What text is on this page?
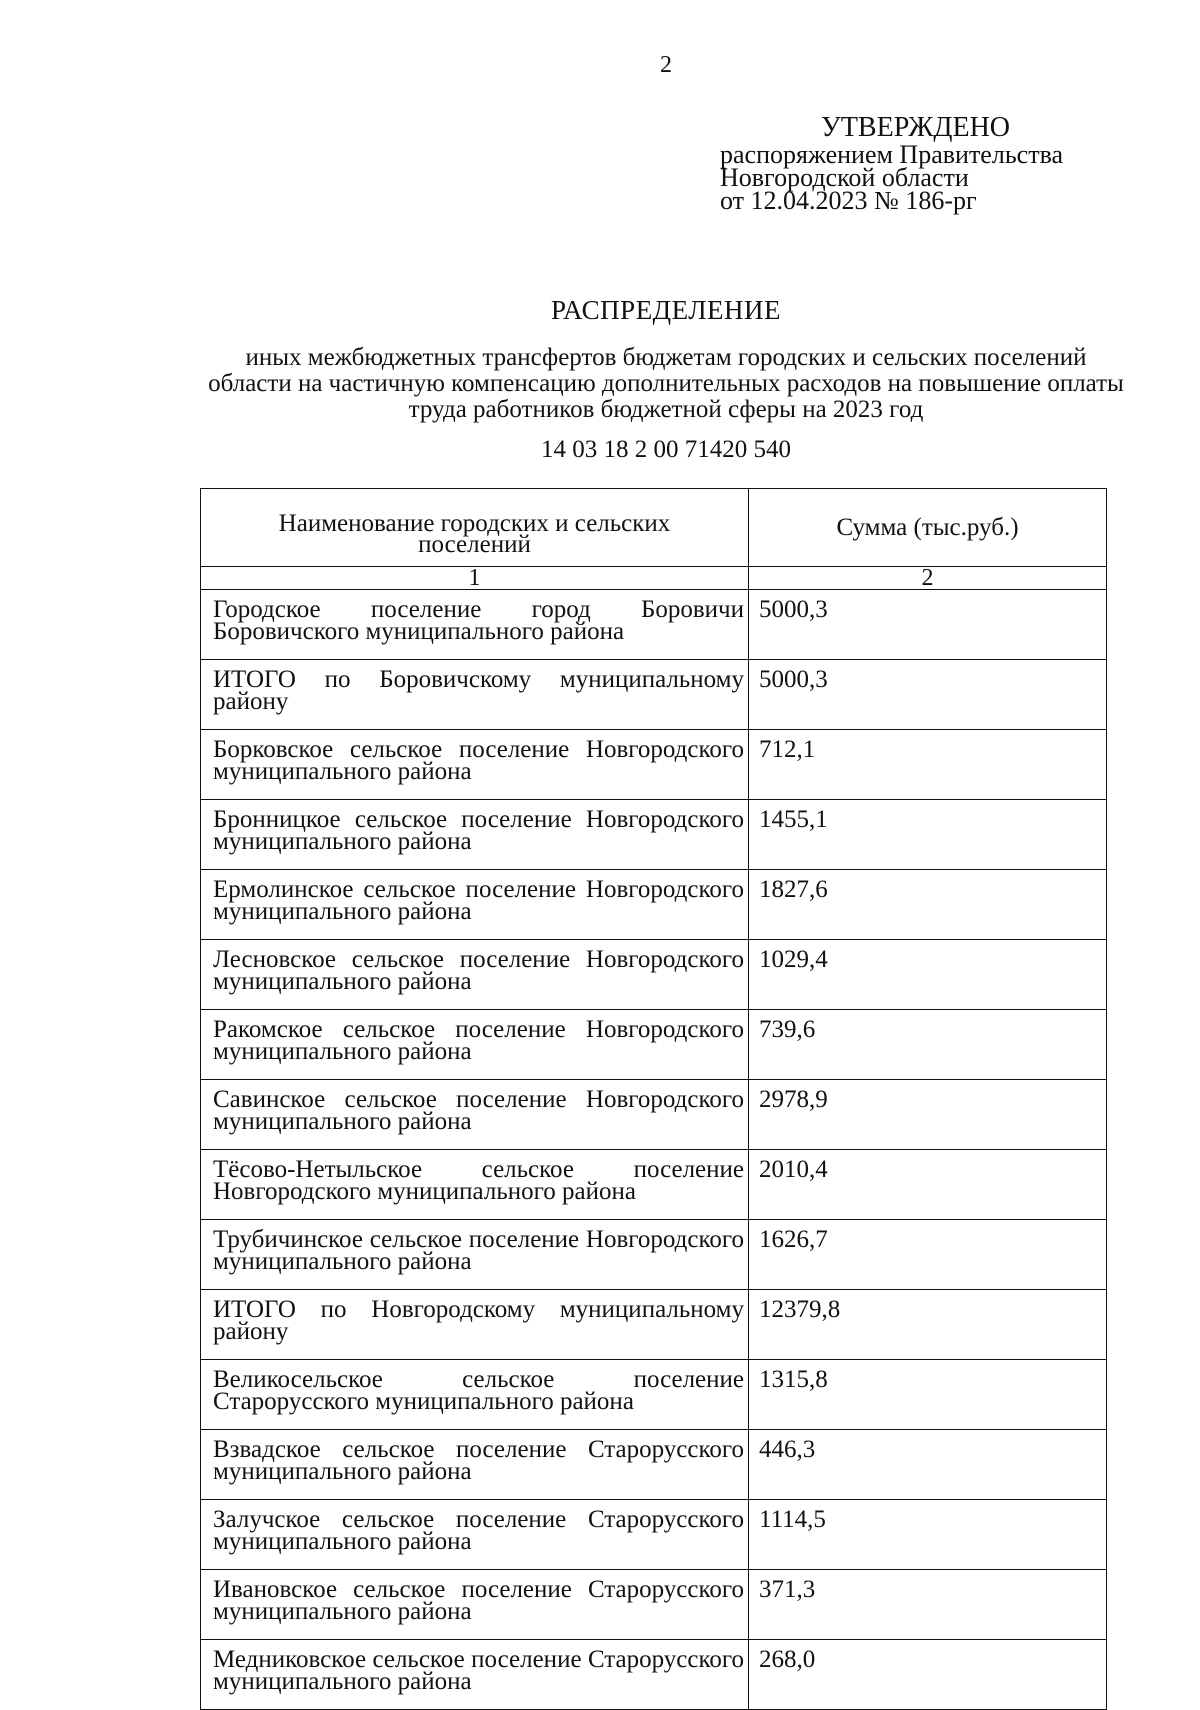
2
УТВЕРЖДЕНО
распоряжением Правительства
Новгородской области
от 12.04.2023 № 186-рг
РАСПРЕДЕЛЕНИЕ
иных межбюджетных трансфертов бюджетам городских и сельских поселений области на частичную компенсацию дополнительных расходов на повышение оплаты труда работников бюджетной сферы на 2023 год
14 03 18 2 00 71420 540
Наименование городских и сельских поселений	Сумма (тыс.руб.)
1	2
Городское поселение город Боровичи Боровичского муниципального района	5000,3
ИТОГО по Боровичскому муниципальному району	5000,3
Борковское сельское поселение Новгородского муниципального района	712,1
Бронницкое сельское поселение Новгородского муниципального района	1455,1
Ермолинское сельское поселение Новгородского муниципального района	1827,6
Лесновское сельское поселение Новгородского муниципального района	1029,4
Ракомское сельское поселение Новгородского муниципального района	739,6
Савинское сельское поселение Новгородского муниципального района	2978,9
Тёсово-Нетыльское сельское поселение Новгородского муниципального района	2010,4
Трубичинское сельское поселение Новгородского муниципального района	1626,7
ИТОГО по Новгородскому муниципальному району	12379,8
Великосельское сельское поселение Старорусского муниципального района	1315,8
Взвадское сельское поселение Старорусского муниципального района	446,3
Залучское сельское поселение Старорусского муниципального района	1114,5
Ивановское сельское поселение Старорусского муниципального района	371,3
Медниковское сельское поселение Старорусского муниципального района	268,0
